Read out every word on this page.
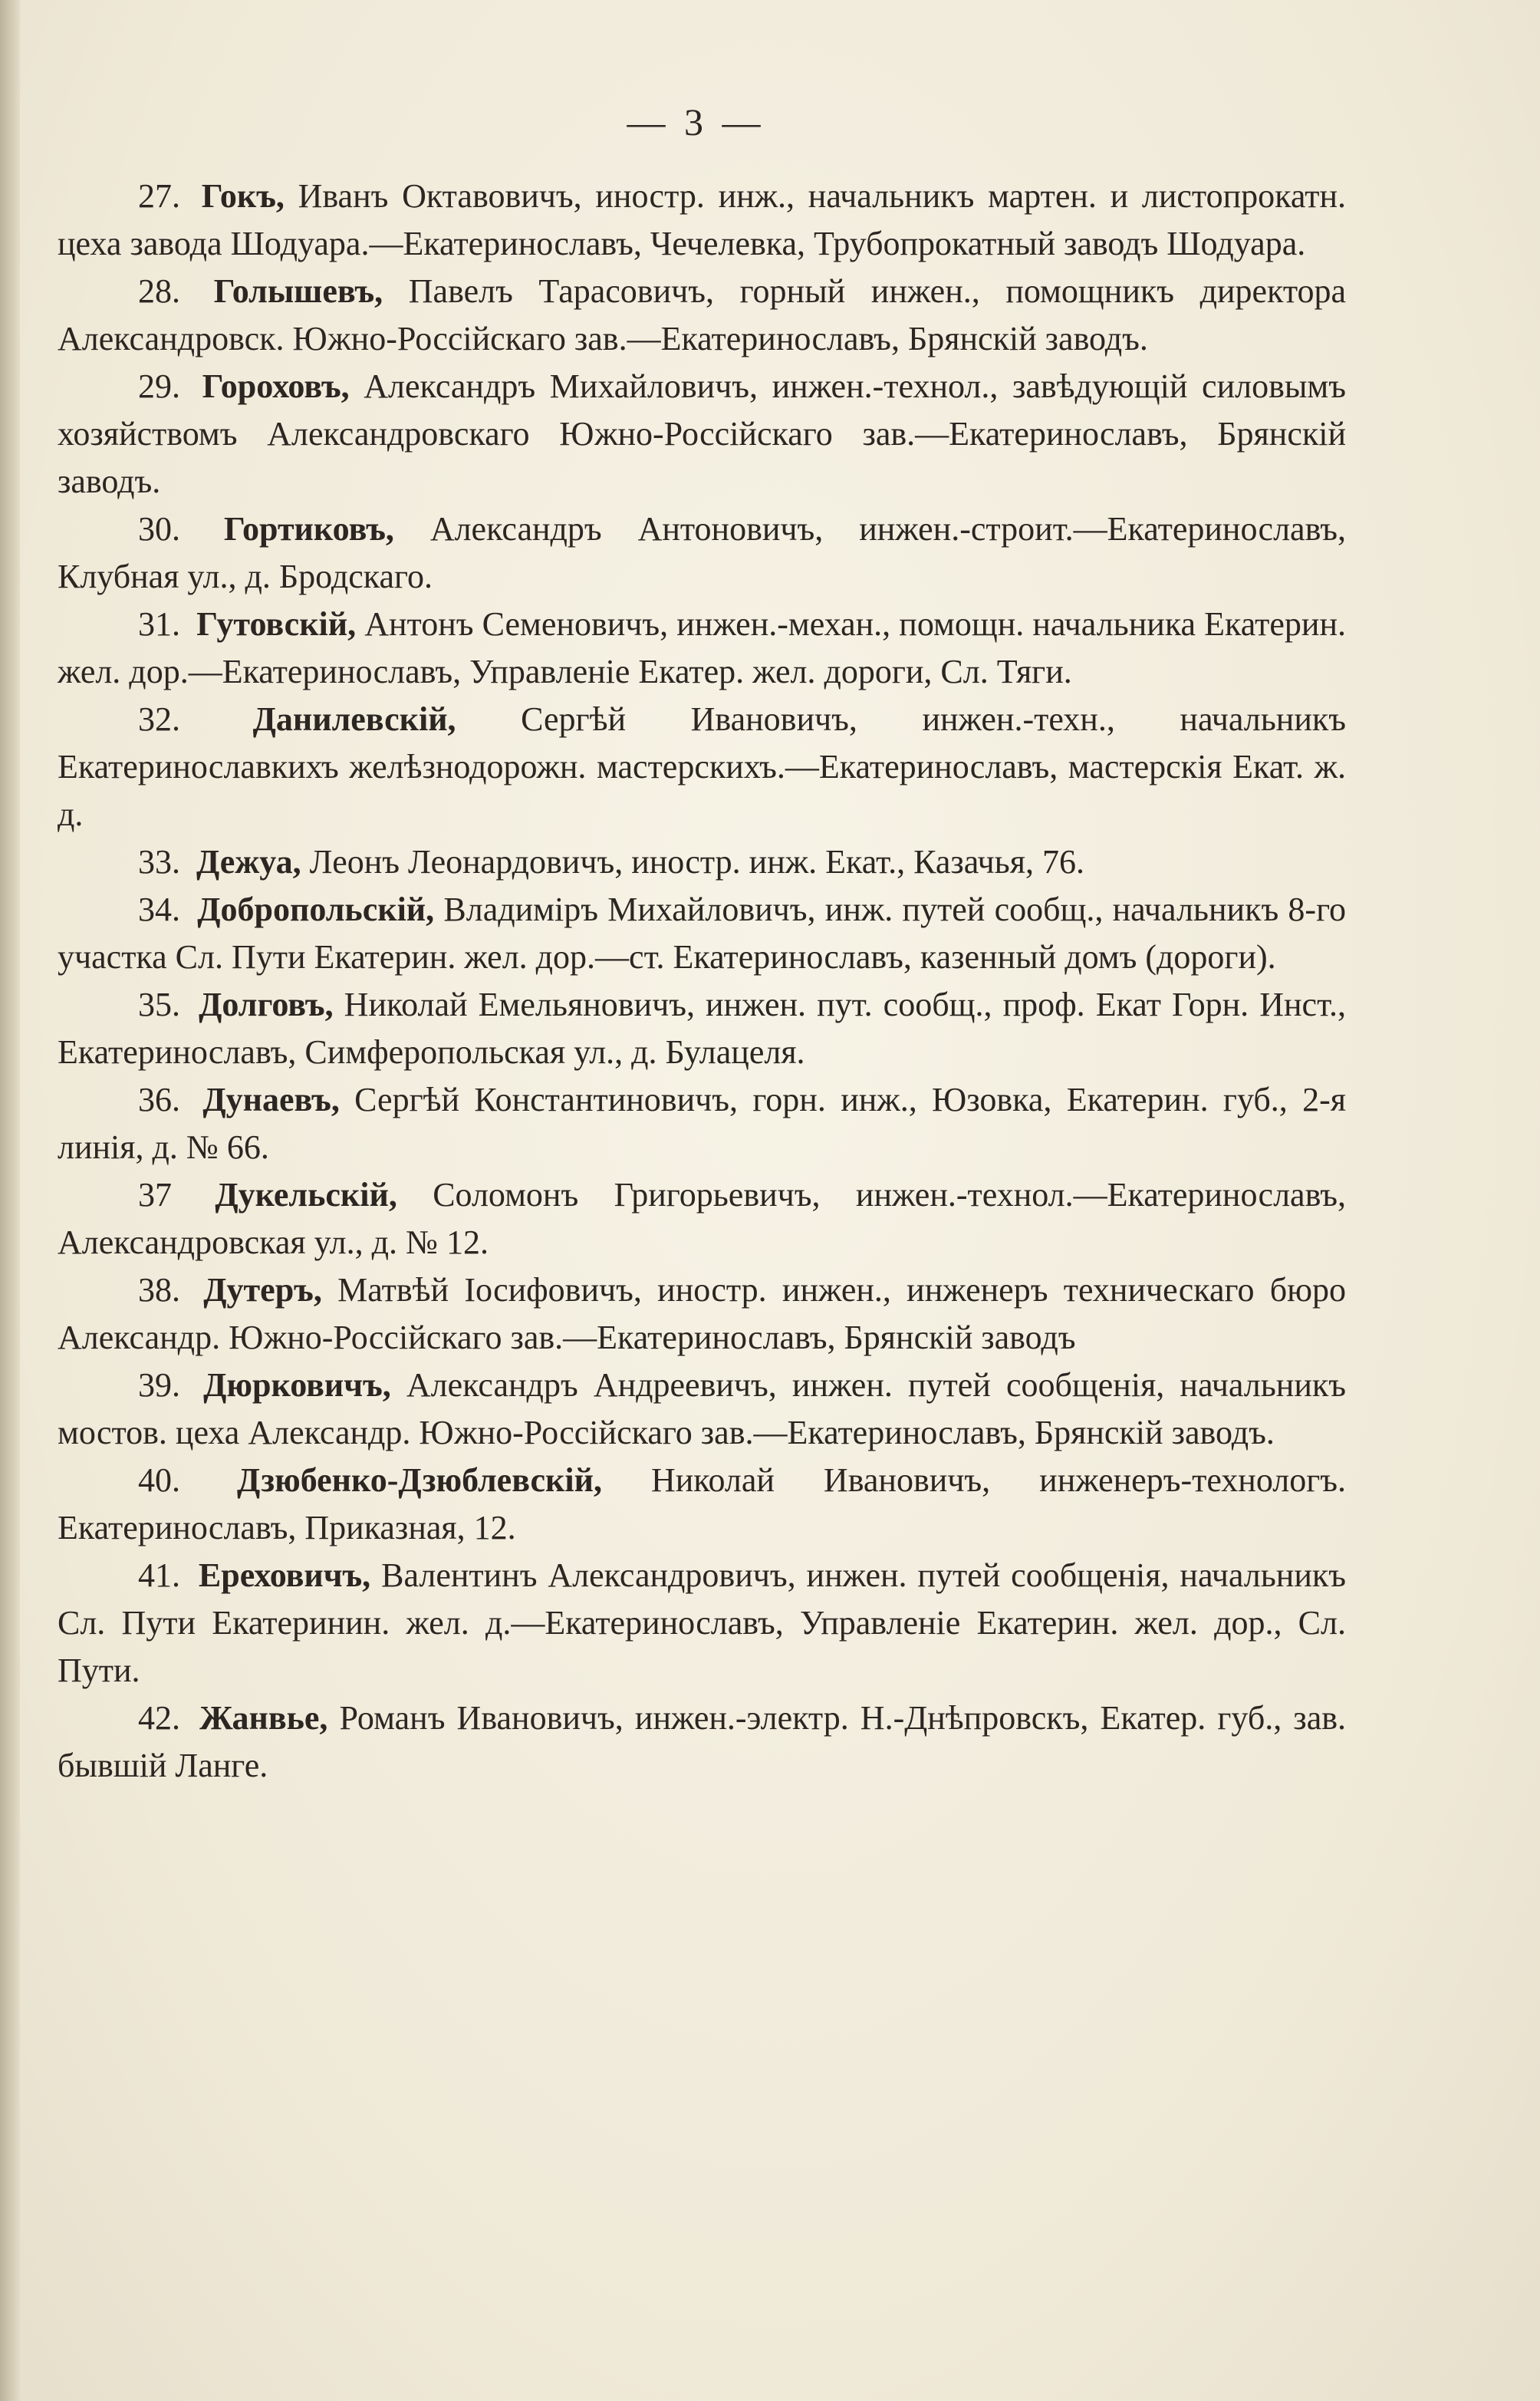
— 3 —

27. Гокъ, Иванъ Октавовичъ, иностр. инж., начальникъ мартен. и листопрокатн. цеха завода Шодуара.—Екатеринославъ, Чечелевка, Трубопрокатный заводъ Шодуара.

28. Голышевъ, Павелъ Тарасовичъ, горный инжен., помощникъ директора Александровск. Южно-Россійскаго зав.—Екатеринославъ, Брянскій заводъ.

29. Гороховъ, Александръ Михайловичъ, инжен.-технол., завѣдующій силовымъ хозяйствомъ Александровскаго Южно-Россійскаго зав.—Екатеринославъ, Брянскій заводъ.

30. Гортиковъ, Александръ Антоновичъ, инжен.-строит.—Екатеринославъ, Клубная ул., д. Бродскаго.

31. Гутовскій, Антонъ Семеновичъ, инжен.-механ., помощн. начальника Екатерин. жел. дор.—Екатеринославъ, Управленіе Екатер. жел. дороги, Сл. Тяги.

32. Данилевскій, Сергѣй Ивановичъ, инжен.-техн., начальникъ Екатеринославкихъ желѣзнодорожн. мастерскихъ.—Екатеринославъ, мастерскія Екат. ж. д.

33. Дежуа, Леонъ Леонардовичъ, иностр. инж. Екат., Казачья, 76.

34. Добропольскій, Владимiръ Михайловичъ, инж. путей сообщ., начальникъ 8-го участка Сл. Пути Екатерин. жел. дор.—ст. Екатеринославъ, казенный домъ (дороги).

35. Долговъ, Николай Емельяновичъ, инжен. пут. сообщ., проф. Екат Горн. Инст., Екатеринославъ, Симферопольская ул., д. Булацеля.

36. Дунаевъ, Сергѣй Константиновичъ, горн. инж., Юзовка, Екатерин. губ., 2-я линія, д. № 66.

37 Дукельскій, Соломонъ Григорьевичъ, инжен.-технол.—Екатеринославъ, Александровская ул., д. № 12.

38. Дутеръ, Матвѣй Іосифовичъ, иностр. инжен., инженеръ техническаго бюро Александр. Южно-Россійскаго зав.—Екатеринославъ, Брянскій заводъ

39. Дюрковичъ, Александръ Андреевичъ, инжен. путей сообщенія, начальникъ мостов. цеха Александр. Южно-Россійскаго зав.—Екатеринославъ, Брянскій заводъ.

40. Дзюбенко-Дзюблевскій, Николай Ивановичъ, инженеръ-технологъ. Екатеринославъ, Приказная, 12.

41. Ереховичъ, Валентинъ Александровичъ, инжен. путей сообщенія, начальникъ Сл. Пути Екатеринин. жел. д.—Екатеринославъ, Управленіе Екатерин. жел. дор., Сл. Пути.

42. Жанвье, Романъ Ивановичъ, инжен.-электр. Н.-Днѣпровскъ, Екатер. губ., зав. бывшій Ланге.
